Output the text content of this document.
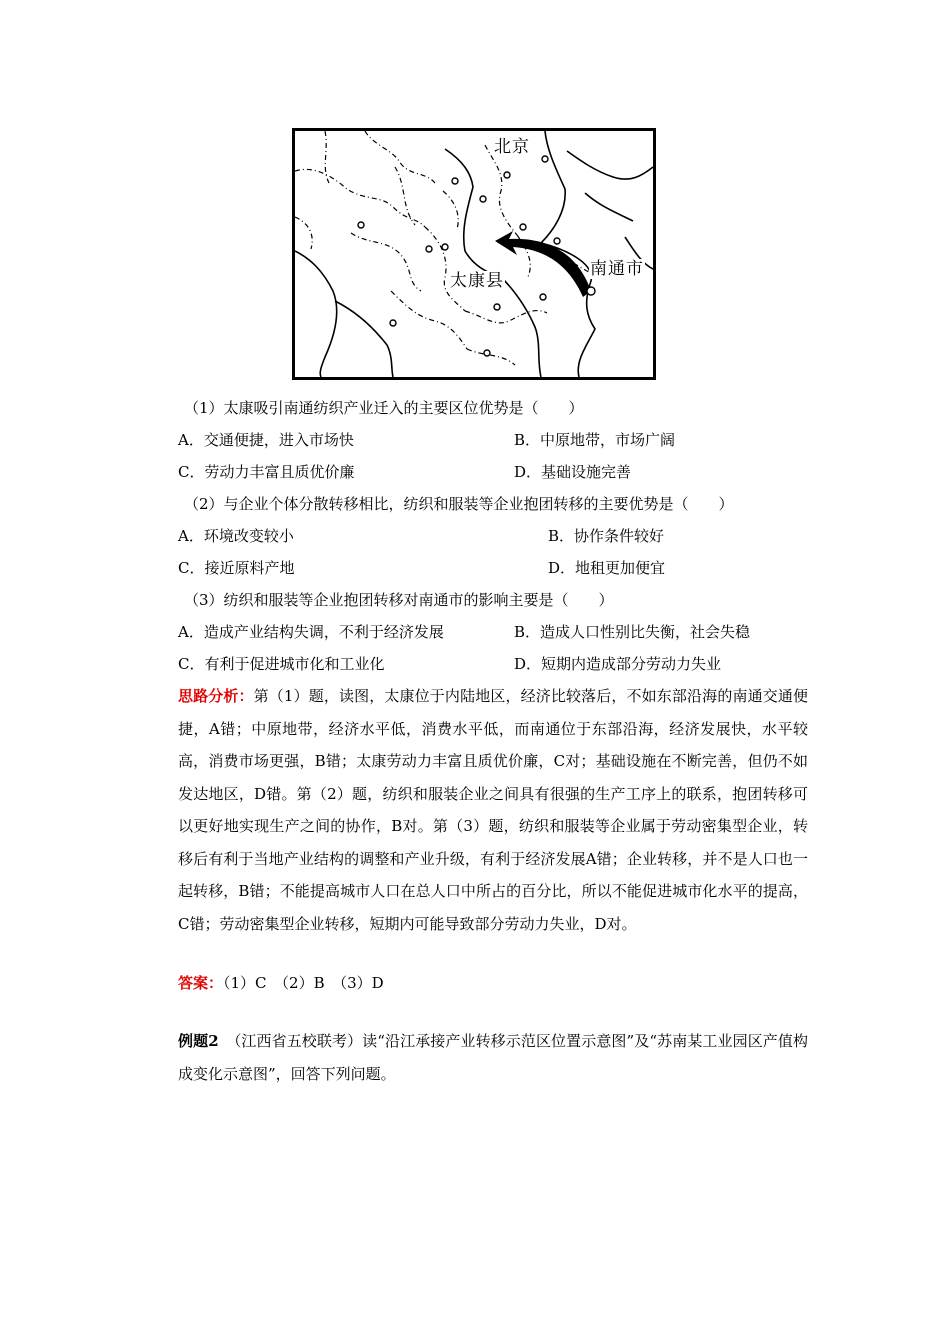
北京
太康县
南通市
（1）太康吸引南通纺织产业迁入的主要区位优势是（　　）
A．交通便捷，进入市场快	B．中原地带，市场广阔
C．劳动力丰富且质优价廉	D．基础设施完善
（2）与企业个体分散转移相比，纺织和服装等企业抱团转移的主要优势是（　　）
A．环境改变较小	B．协作条件较好
C．接近原料产地	D．地租更加便宜
（3）纺织和服装等企业抱团转移对南通市的影响主要是（　　）
A．造成产业结构失调，不利于经济发展	B．造成人口性别比失衡，社会失稳
C．有利于促进城市化和工业化	D．短期内造成部分劳动力失业
思路分析：第（1）题，读图，太康位于内陆地区，经济比较落后，不如东部沿海的南通交通便捷，A错；中原地带，经济水平低，消费水平低，而南通位于东部沿海，经济发展快，水平较高，消费市场更强，B错；太康劳动力丰富且质优价廉，C对；基础设施在不断完善，但仍不如发达地区，D错。第（2）题，纺织和服装企业之间具有很强的生产工序上的联系，抱团转移可以更好地实现生产之间的协作，B对。第（3）题，纺织和服装等企业属于劳动密集型企业，转移后有利于当地产业结构的调整和产业升级，有利于经济发展A错；企业转移，并不是人口也一起转移，B错；不能提高城市人口在总人口中所占的百分比，所以不能促进城市化水平的提高，C错；劳动密集型企业转移，短期内可能导致部分劳动力失业，D对。
答案：（1）C　（2）B　（3）D
例题2　 （江西省五校联考）读“沿江承接产业转移示范区位置示意图”及“苏南某工业园区产值构成变化示意图”，回答下列问题。
